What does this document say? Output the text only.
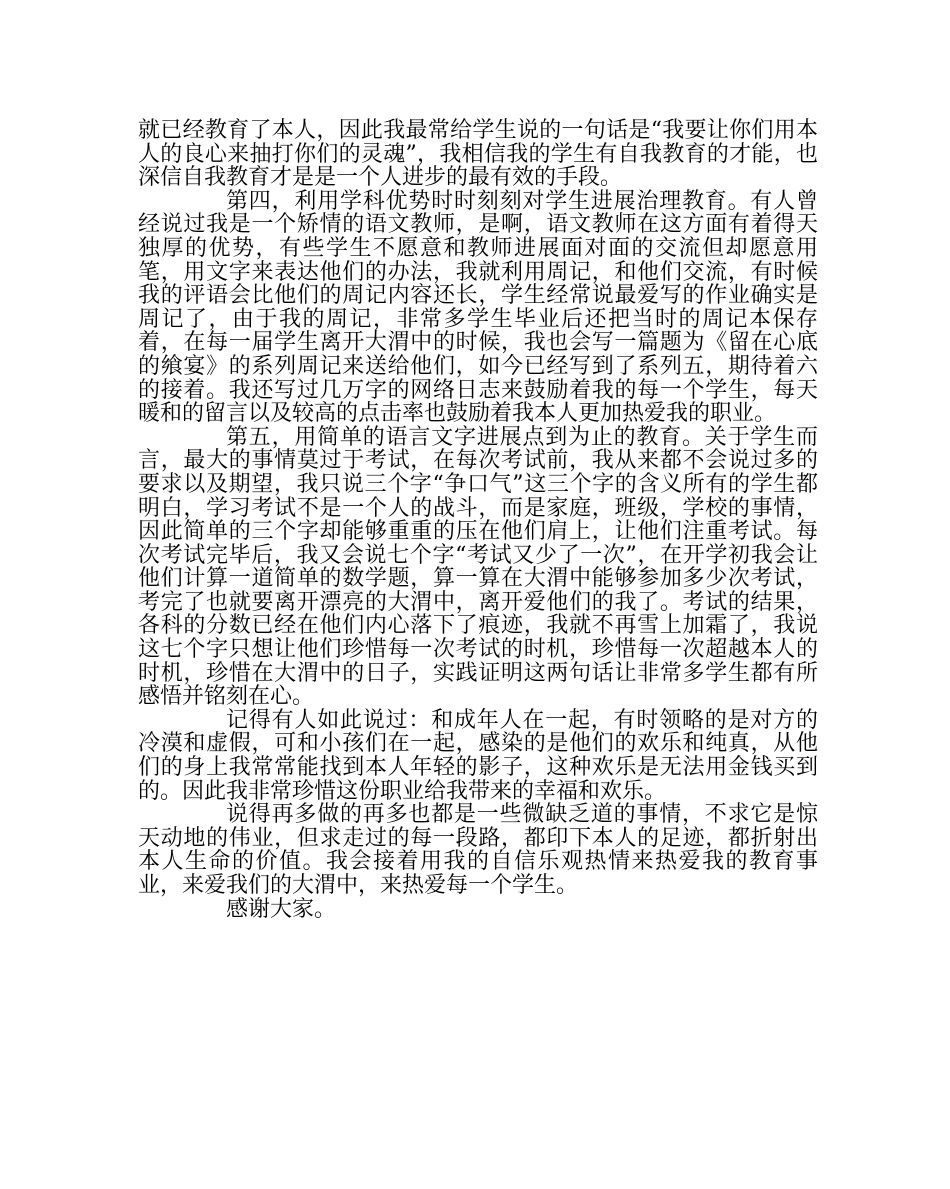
就已经教育了本人，因此我最常给学生说的一句话是“我要让你们用本人的良心来抽打你们的灵魂”，我相信我的学生有自我教育的才能，也深信自我教育才是是一个人进步的最有效的手段。

第四，利用学科优势时时刻刻对学生进展治理教育。有人曾经说过我是一个矫情的语文教师，是啊，语文教师在这方面有着得天独厚的优势，有些学生不愿意和教师进展面对面的交流但却愿意用笔，用文字来表达他们的办法，我就利用周记，和他们交流，有时候我的评语会比他们的周记内容还长，学生经常说最爱写的作业确实是周记了，由于我的周记，非常多学生毕业后还把当时的周记本保存着，在每一届学生离开大渭中的时候，我也会写一篇题为《留在心底的飨宴》的系列周记来送给他们，如今已经写到了系列五，期待着六的接着。我还写过几万字的网络日志来鼓励着我的每一个学生，每天暖和的留言以及较高的点击率也鼓励着我本人更加热爱我的职业。

第五，用简单的语言文字进展点到为止的教育。关于学生而言，最大的事情莫过于考试，在每次考试前，我从来都不会说过多的要求以及期望，我只说三个字“争口气”这三个字的含义所有的学生都明白，学习考试不是一个人的战斗，而是家庭，班级，学校的事情，因此简单的三个字却能够重重的压在他们肩上，让他们注重考试。每次考试完毕后，我又会说七个字“考试又少了一次”，在开学初我会让他们计算一道简单的数学题，算一算在大渭中能够参加多少次考试，考完了也就要离开漂亮的大渭中，离开爱他们的我了。考试的结果，各科的分数已经在他们内心落下了痕迹，我就不再雪上加霜了，我说这七个字只想让他们珍惜每一次考试的时机，珍惜每一次超越本人的时机，珍惜在大渭中的日子，实践证明这两句话让非常多学生都有所感悟并铭刻在心。

记得有人如此说过：和成年人在一起，有时领略的是对方的冷漠和虚假，可和小孩们在一起，感染的是他们的欢乐和纯真，从他们的身上我常常能找到本人年轻的影子，这种欢乐是无法用金钱买到的。因此我非常珍惜这份职业给我带来的幸福和欢乐。

说得再多做的再多也都是一些微缺乏道的事情，不求它是惊天动地的伟业，但求走过的每一段路，都印下本人的足迹，都折射出本人生命的价值。我会接着用我的自信乐观热情来热爱我的教育事业，来爱我们的大渭中，来热爱每一个学生。

感谢大家。
